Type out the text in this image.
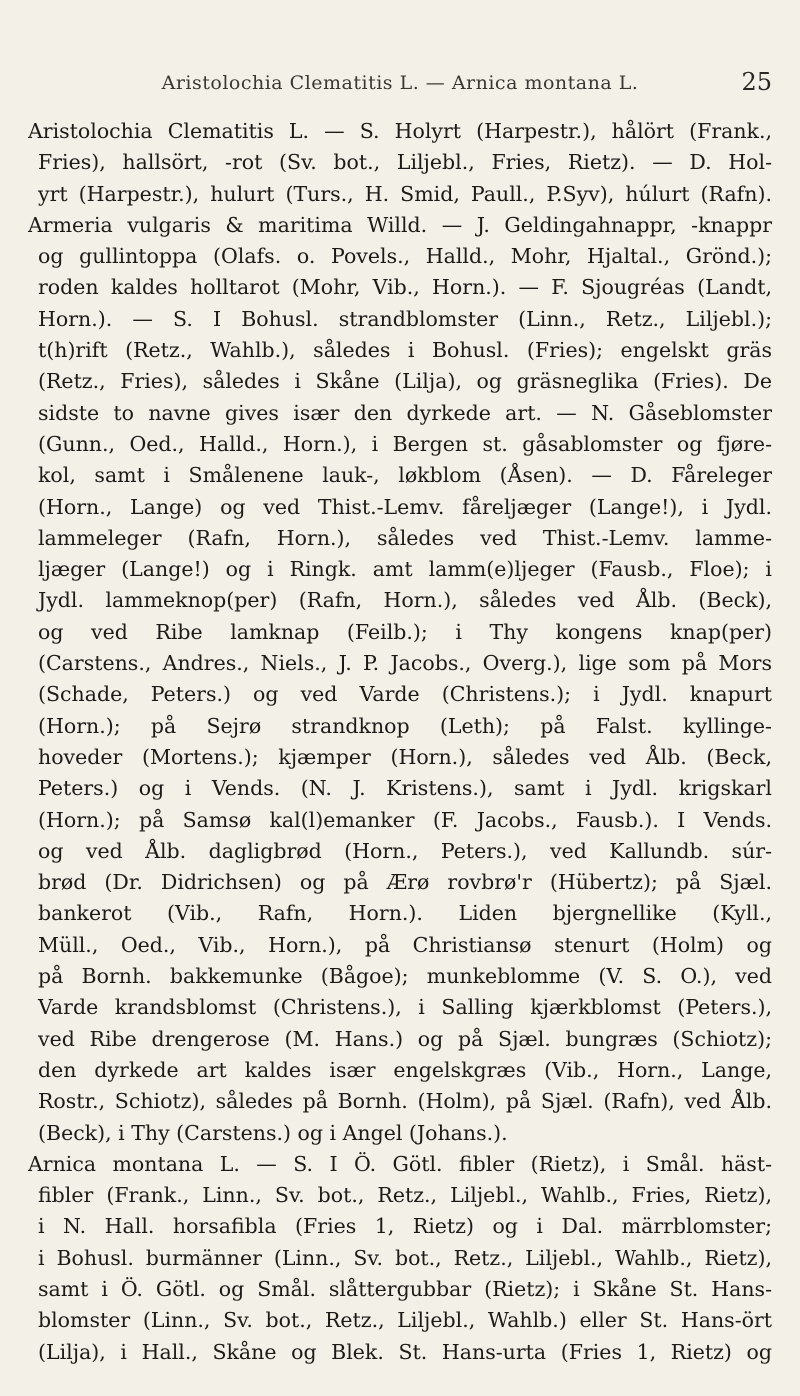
Aristolochia Clematitis L. — Arnica montana L.	25
Aristolochia Clematitis L. — S. Holyrt (Harpestr.), hålört (Frank.,
Fries), hallsört, -rot (Sv. bot., Liljebl., Fries, Rietz). — D. Hol-
yrt (Harpestr.), hulurt (Turs., H. Smid, Paull., P.Syv), húlurt (Rafn).
Armeria vulgaris & maritima Willd. — J. Geldingahnappr, -knappr
og gullintoppa (Olafs. o. Povels., Halld., Mohr, Hjaltal., Grönd.);
roden kaldes holltarot (Mohr, Vib., Horn.). — F. Sjougréas (Landt,
Horn.). — S. I Bohusl. strandblomster (Linn., Retz., Liljebl.);
t(h)rift (Retz., Wahlb.), således i Bohusl. (Fries); engelskt gräs
(Retz., Fries), således i Skåne (Lilja), og gräsneglika (Fries). De
sidste to navne gives især den dyrkede art. — N. Gåseblomster
(Gunn., Oed., Halld., Horn.), i Bergen st. gåsablomster og fjøre-
kol, samt i Smålenene lauk-, løkblom (Åsen). — D. Fåreleger
(Horn., Lange) og ved Thist.-Lemv. fåreljæger (Lange!), i Jydl.
lammeleger (Rafn, Horn.), således ved Thist.-Lemv. lamme-
ljæger (Lange!) og i Ringk. amt lamm(e)ljeger (Fausb., Floe); i
Jydl. lammeknop(per) (Rafn, Horn.), således ved Ålb. (Beck),
og ved Ribe lamknap (Feilb.); i Thy kongens knap(per)
(Carstens., Andres., Niels., J. P. Jacobs., Overg.), lige som på Mors
(Schade, Peters.) og ved Varde (Christens.); i Jydl. knapurt
(Horn.); på Sejrø strandknop (Leth); på Falst. kyllinge-
hoveder (Mortens.); kjæmper (Horn.), således ved Ålb. (Beck,
Peters.) og i Vends. (N. J. Kristens.), samt i Jydl. krigskarl
(Horn.); på Samsø kal(l)emanker (F. Jacobs., Fausb.). I Vends.
og ved Ålb. dagligbrød (Horn., Peters.), ved Kallundb. súr-
brød (Dr. Didrichsen) og på Ærø rovbrø'r (Hübertz); på Sjæl.
bankerot (Vib., Rafn, Horn.). Liden bjergnellike (Kyll.,
Müll., Oed., Vib., Horn.), på Christiansø stenurt (Holm) og
på Bornh. bakkemunke (Bågoe); munkeblomme (V. S. O.), ved
Varde krandsblomst (Christens.), i Salling kjærkblomst (Peters.),
ved Ribe drengerose (M. Hans.) og på Sjæl. bungræs (Schiotz);
den dyrkede art kaldes især engelskgræs (Vib., Horn., Lange,
Rostr., Schiotz), således på Bornh. (Holm), på Sjæl. (Rafn), ved Ålb.
(Beck), i Thy (Carstens.) og i Angel (Johans.).
Arnica montana L. — S. I Ö. Götl. fibler (Rietz), i Smål. häst-
fibler (Frank., Linn., Sv. bot., Retz., Liljebl., Wahlb., Fries, Rietz),
i N. Hall. horsafibla (Fries 1, Rietz) og i Dal. märrblomster;
i Bohusl. burmänner (Linn., Sv. bot., Retz., Liljebl., Wahlb., Rietz),
samt i Ö. Götl. og Smål. slåttergubbar (Rietz); i Skåne St. Hans-
blomster (Linn., Sv. bot., Retz., Liljebl., Wahlb.) eller St. Hans-ört
(Lilja), i Hall., Skåne og Blek. St. Hans-urta (Fries 1, Rietz) og
